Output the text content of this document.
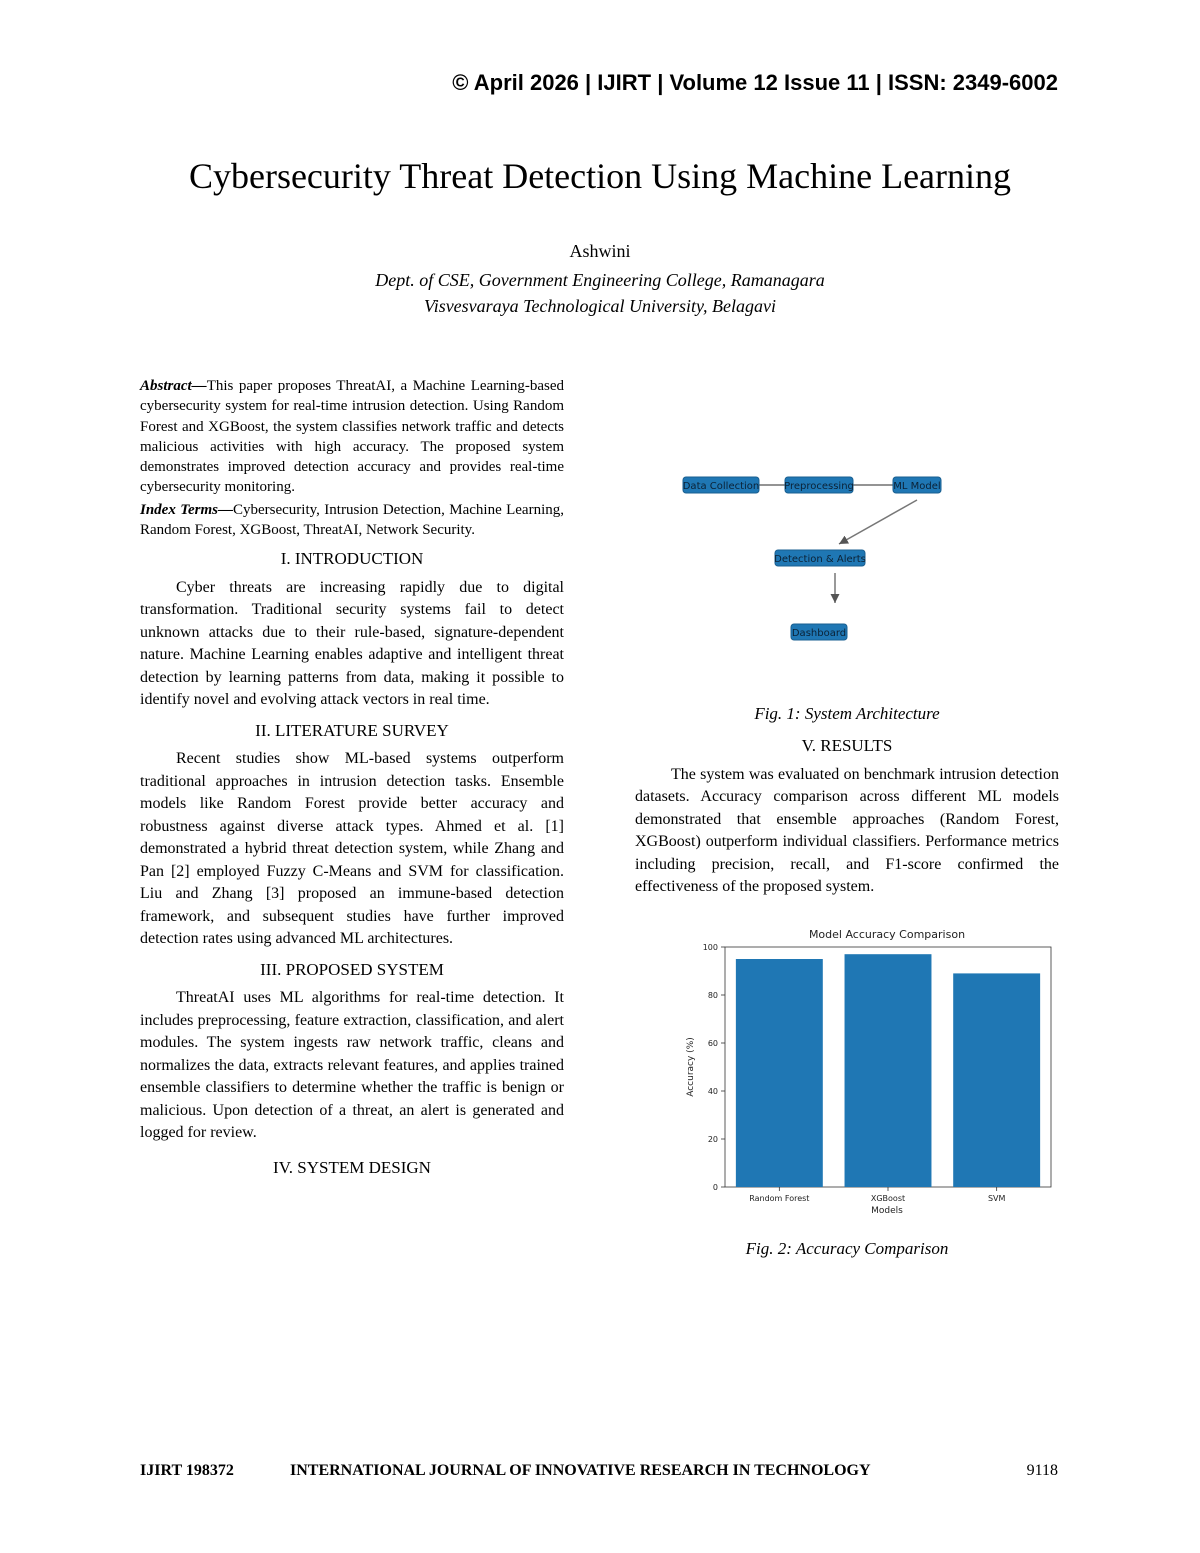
© April 2026 | IJIRT | Volume 12 Issue 11 | ISSN: 2349-6002
Cybersecurity Threat Detection Using Machine Learning
Ashwini
Dept. of CSE, Government Engineering College, Ramanagara
Visvesvaraya Technological University, Belagavi

Abstract—This paper proposes ThreatAI, a Machine Learning-based cybersecurity system for real-time intrusion detection. Using Random Forest and XGBoost, the system classifies network traffic and detects malicious activities with high accuracy. The proposed system demonstrates improved detection accuracy and provides real-time cybersecurity monitoring.

Index Terms—Cybersecurity, Intrusion Detection, Machine Learning, Random Forest, XGBoost, ThreatAI, Network Security.

I. INTRODUCTION

Cyber threats are increasing rapidly due to digital transformation. Traditional security systems fail to detect unknown attacks due to their rule-based, signature-dependent nature. Machine Learning enables adaptive and intelligent threat detection by learning patterns from data, making it possible to identify novel and evolving attack vectors in real time.

II. LITERATURE SURVEY

Recent studies show ML-based systems outperform traditional approaches in intrusion detection tasks. Ensemble models like Random Forest provide better accuracy and robustness against diverse attack types. Ahmed et al. [1] demonstrated a hybrid threat detection system, while Zhang and Pan [2] employed Fuzzy C-Means and SVM for classification. Liu and Zhang [3] proposed an immune-based detection framework, and subsequent studies have further improved detection rates using advanced ML architectures.

III. PROPOSED SYSTEM

ThreatAI uses ML algorithms for real-time detection. It includes preprocessing, feature extraction, classification, and alert modules. The system ingests raw network traffic, cleans and normalizes the data, extracts relevant features, and applies trained ensemble classifiers to determine whether the traffic is benign or malicious. Upon detection of a threat, an alert is generated and logged for review.

IV. SYSTEM DESIGN
Data Collection Preprocessing	ML Model
Detection & Alerts
Dashboard
Fig. 1: System Architecture
V. RESULTS

The system was evaluated on benchmark intrusion detection datasets. Accuracy comparison across different ML models demonstrated that ensemble approaches (Random Forest, XGBoost) outperform individual classifiers. Performance metrics including precision, recall, and F1-score confirmed the effectiveness of the proposed system.

Model Accuracy Comparison
0
20
40
60
80
100
Random Forest	XGBoost	SVM
Models
Accuracy (%)
Fig. 2: Accuracy Comparison
IJIRT 198372	INTERNATIONAL JOURNAL OF INNOVATIVE RESEARCH IN TECHNOLOGY	9118
